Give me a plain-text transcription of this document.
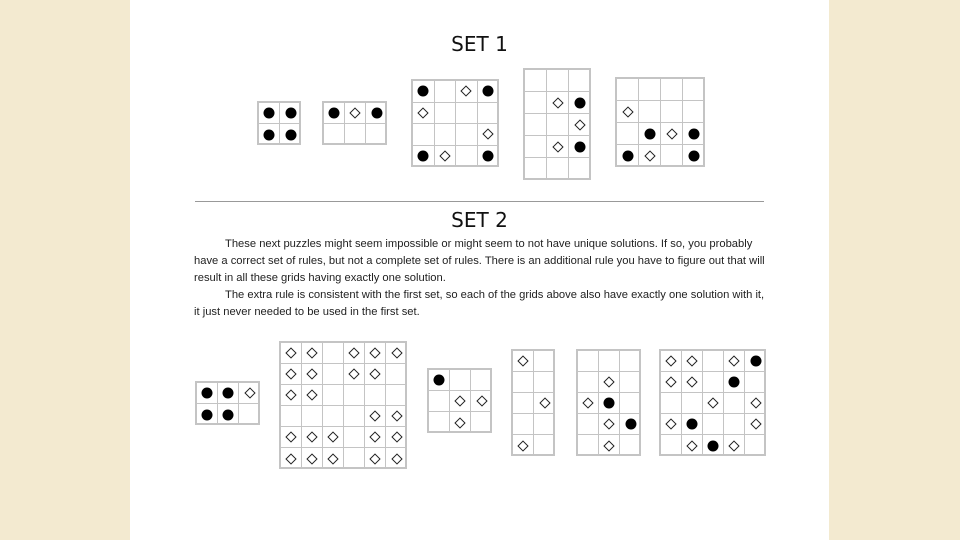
SET 1
SET 2

These next puzzles might seem impossible or might seem to not have unique solutions. If so, you probably have a correct set of rules, but not a complete set of rules. There is an additional rule you have to figure out that will result in all these grids having exactly one solution.

The extra rule is consistent with the first set, so each of the grids above also have exactly one solution with it, it just never needed to be used in the first set.
